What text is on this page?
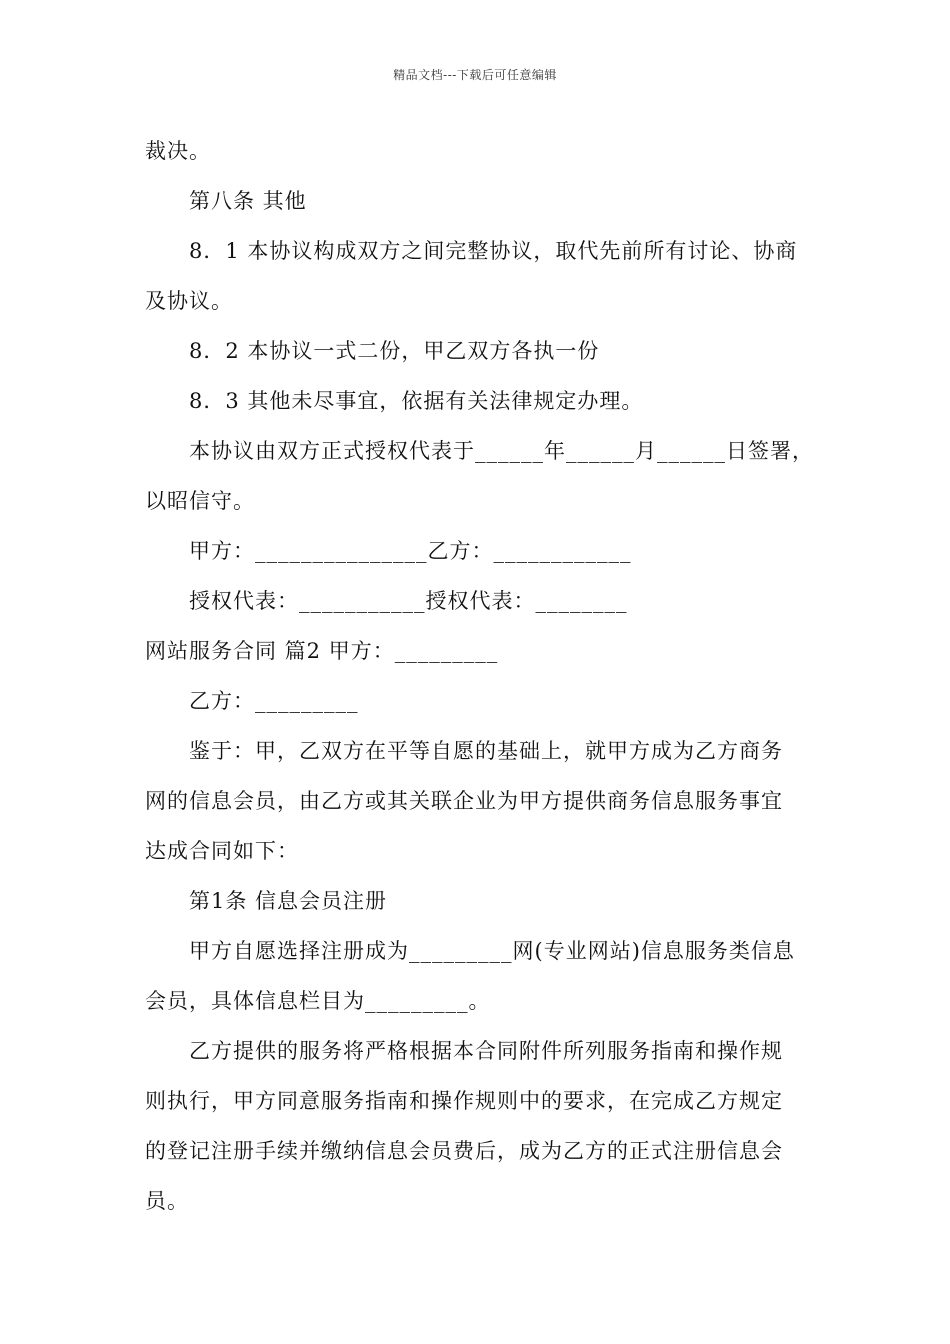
精品文档---下载后可任意编辑
裁决。
第八条 其他
8．1 本协议构成双方之间完整协议，取代先前所有讨论、协商
及协议。
8．2 本协议一式二份，甲乙双方各执一份
8．3 其他未尽事宜，依据有关法律规定办理。
本协议由双方正式授权代表于______年______月______日签署，
以昭信守。
甲方：_______________乙方：____________
授权代表：___________授权代表：________
网站服务合同 篇2 甲方：_________
乙方：_________
鉴于：甲，乙双方在平等自愿的基础上，就甲方成为乙方商务
网的信息会员，由乙方或其关联企业为甲方提供商务信息服务事宜
达成合同如下：
第1条 信息会员注册
甲方自愿选择注册成为_________网(专业网站)信息服务类信息
会员，具体信息栏目为_________。
乙方提供的服务将严格根据本合同附件所列服务指南和操作规
则执行，甲方同意服务指南和操作规则中的要求，在完成乙方规定
的登记注册手续并缴纳信息会员费后，成为乙方的正式注册信息会
员。
